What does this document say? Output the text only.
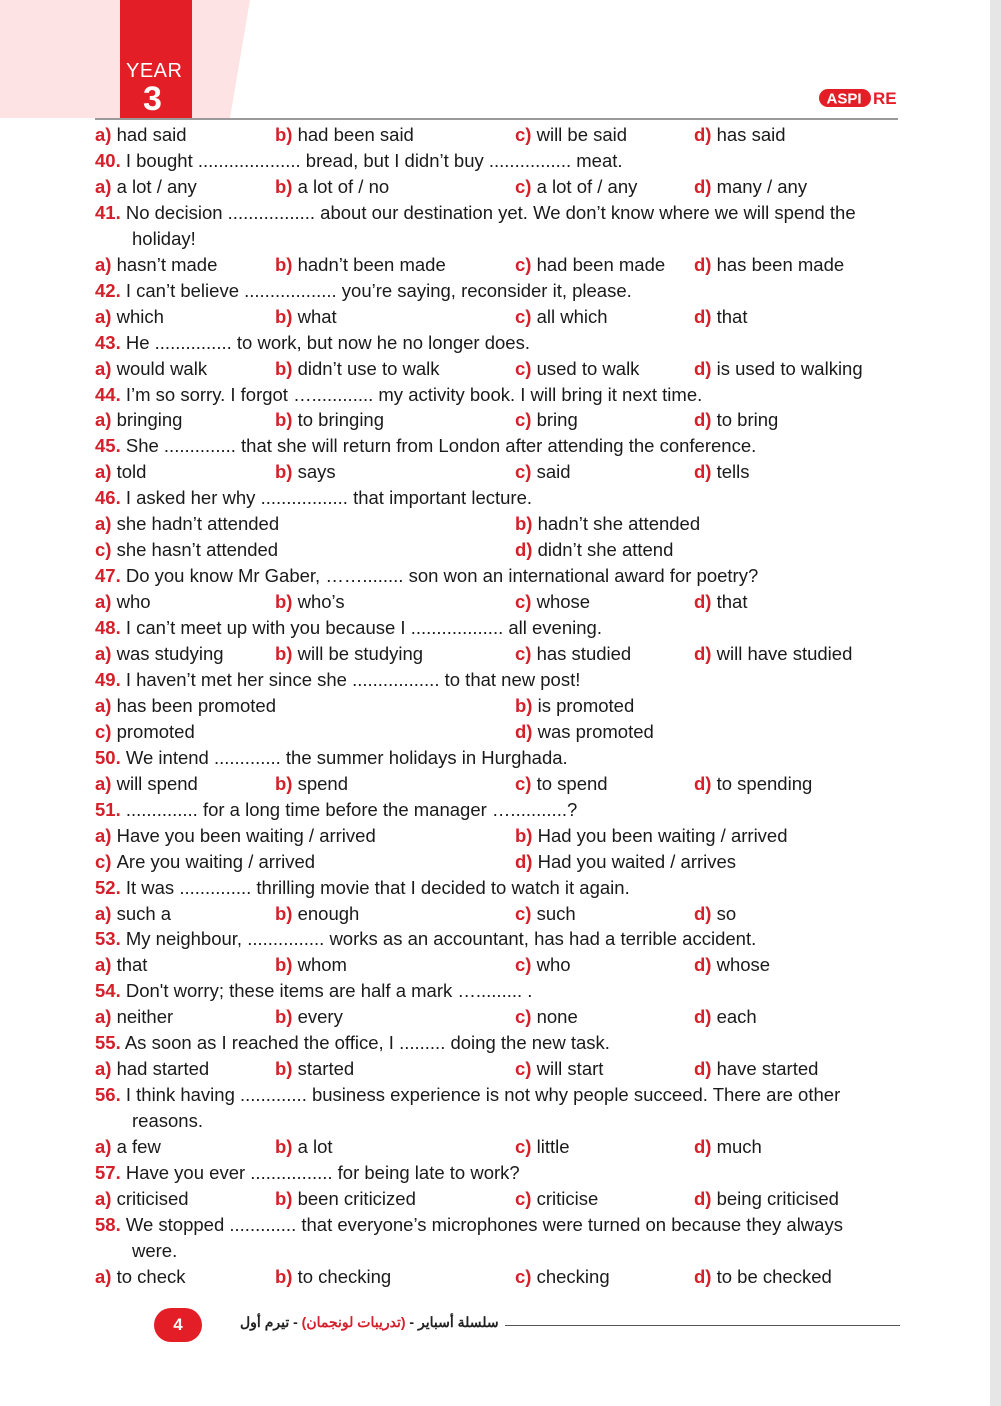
YEAR
3	ASPI RE
a) had said	b) had been said	c) will be said	d) has said
40. I bought .................... bread, but I didn’t buy ................ meat.
a) a lot / any	b) a lot of / no	c) a lot of / any	d) many / any
41. No decision ................. about our destination yet. We don’t know where we will spend the
holiday!
a) hasn’t made	b) hadn’t been made	c) had been made d) has been made
42. I can’t believe .................. you’re saying, reconsider it, please.
a) which	b) what	c) all which	d) that
43. He ............... to work, but now he no longer does.
a) would walk	b) didn’t use to walk	c) used to walk	d) is used to walking
44. I’m so sorry. I forgot …............ my activity book. I will bring it next time.
a) bringing	b) to bringing	c) bring	d) to bring
45. She .............. that she will return from London after attending the conference.
a) told	b) says	c) said	d) tells
46. I asked her why ................. that important lecture.
a) she hadn’t attended	b) hadn’t she attended
c) she hasn’t attended	d) didn’t she attend
47. Do you know Mr Gaber, ……........ son won an international award for poetry?
a) who	b) who’s	c) whose	d) that
48. I can’t meet up with you because I .................. all evening.
a) was studying	b) will be studying	c) has studied	d) will have studied
49. I haven’t met her since she ................. to that new post!
a) has been promoted	b) is promoted
c) promoted	d) was promoted
50. We intend ............. the summer holidays in Hurghada.
a) will spend	b) spend	c) to spend	d) to spending
51. .............. for a long time before the manager …...........?
a) Have you been waiting / arrived	b) Had you been waiting / arrived
c) Are you waiting / arrived	d) Had you waited / arrives
52. It was .............. thrilling movie that I decided to watch it again.
a) such a	b) enough	c) such	d) so
53. My neighbour, ............... works as an accountant, has had a terrible accident.
a) that	b) whom	c) who	d) whose
54. Don't worry; these items are half a mark …......... .
a) neither	b) every	c) none	d) each
55. As soon as I reached the office, I ......... doing the new task.
a) had started	b) started	c) will start	d) have started
56. I think having ............. business experience is not why people succeed. There are other
reasons.
a) a few	b) a lot	c) little	d) much
57. Have you ever ................ for being late to work?
a) criticised	b) been criticized	c) criticise	d) being criticised
58. We stopped ............. that everyone’s microphones were turned on because they always
were.
a) to check	b) to checking	c) checking	d) to be checked
4	سلسلة أسباير - (تدريبات لونجمان) - تيرم أول
